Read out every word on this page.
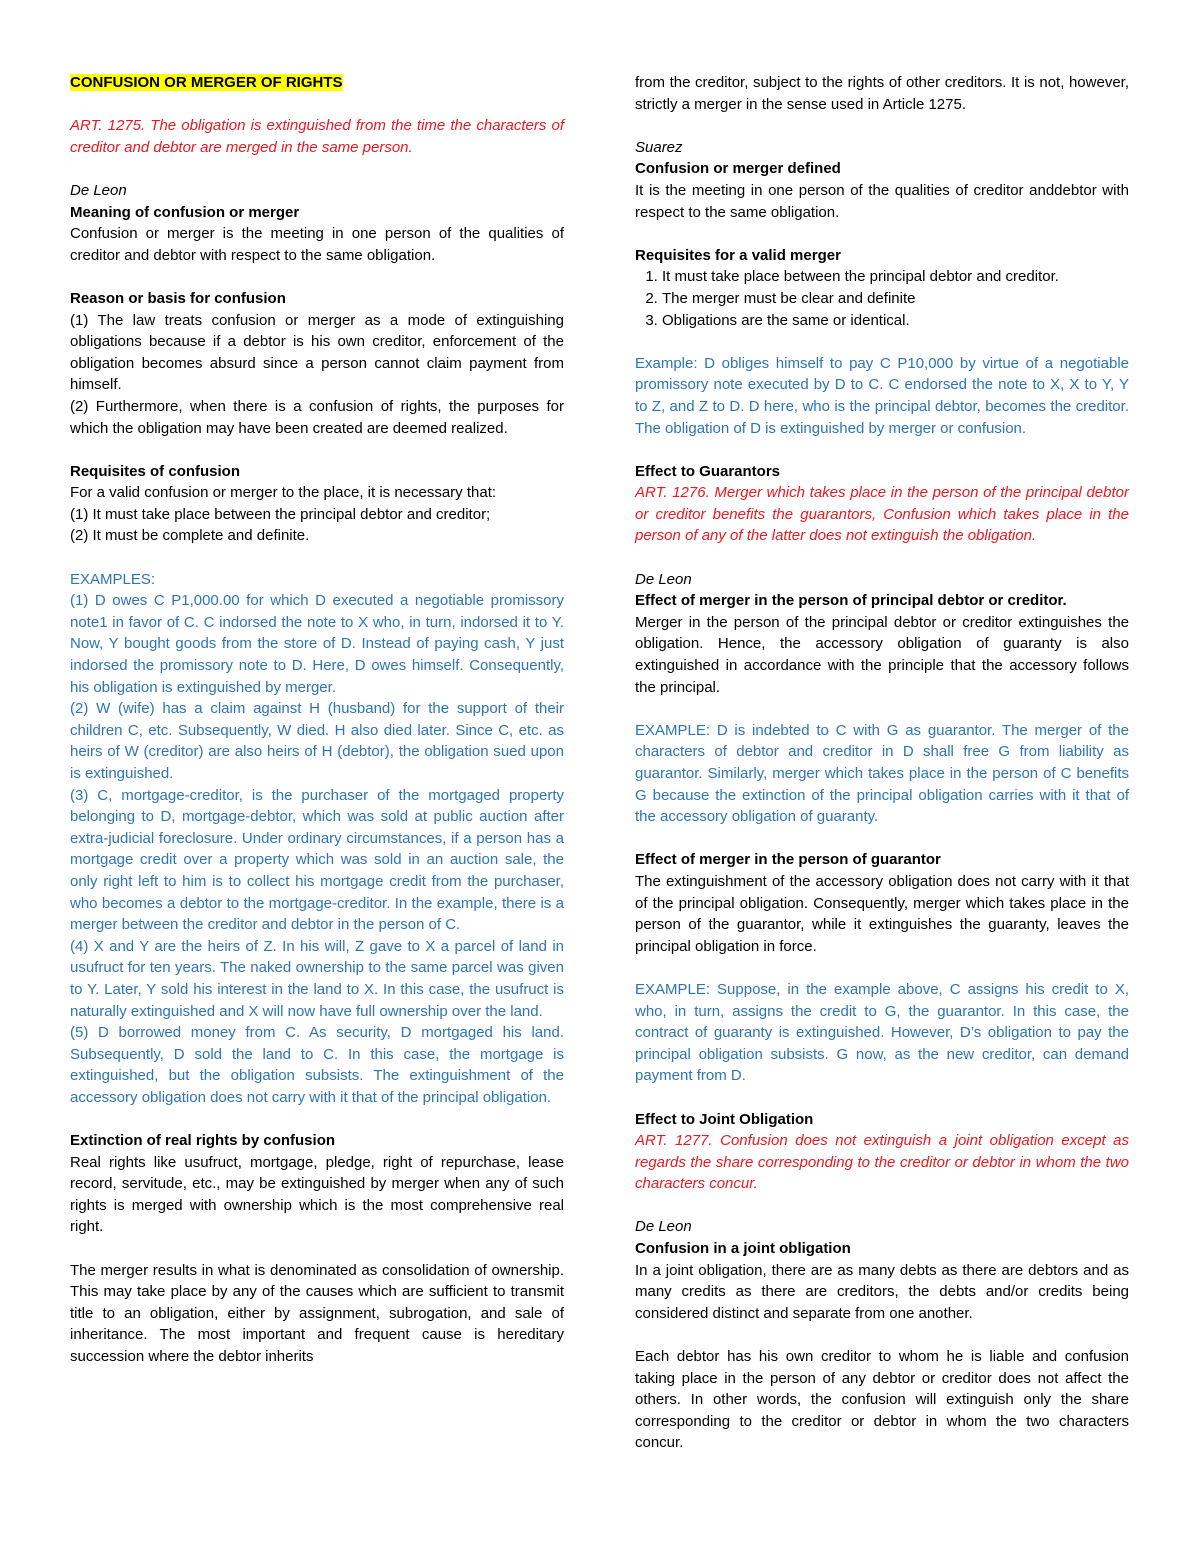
CONFUSION OR MERGER OF RIGHTS

ART. 1275. The obligation is extinguished from the time the characters of creditor and debtor are merged in the same person.

De Leon

Meaning of confusion or merger

Confusion or merger is the meeting in one person of the qualities of creditor and debtor with respect to the same obligation.

Reason or basis for confusion

(1) The law treats confusion or merger as a mode of extinguishing obligations because if a debtor is his own creditor, enforcement of the obligation becomes absurd since a person cannot claim payment from himself.

(2) Furthermore, when there is a confusion of rights, the purposes for which the obligation may have been created are deemed realized.

Requisites of confusion

For a valid confusion or merger to the place, it is necessary that:

(1) It must take place between the principal debtor and creditor;

(2) It must be complete and definite.

EXAMPLES:

(1) D owes C P1,000.00 for which D executed a negotiable promissory note1 in favor of C. C indorsed the note to X who, in turn, indorsed it to Y. Now, Y bought goods from the store of D. Instead of paying cash, Y just indorsed the promissory note to D. Here, D owes himself. Consequently, his obligation is extinguished by merger.

(2) W (wife) has a claim against H (husband) for the support of their children C, etc. Subsequently, W died. H also died later. Since C, etc. as heirs of W (creditor) are also heirs of H (debtor), the obligation sued upon is extinguished.

(3) C, mortgage-creditor, is the purchaser of the mortgaged property belonging to D, mortgage-debtor, which was sold at public auction after extra-judicial foreclosure. Under ordinary circumstances, if a person has a mortgage credit over a property which was sold in an auction sale, the only right left to him is to collect his mortgage credit from the purchaser, who becomes a debtor to the mortgage-creditor. In the example, there is a merger between the creditor and debtor in the person of C.

(4) X and Y are the heirs of Z. In his will, Z gave to X a parcel of land in usufruct for ten years. The naked ownership to the same parcel was given to Y. Later, Y sold his interest in the land to X. In this case, the usufruct is naturally extinguished and X will now have full ownership over the land.

(5) D borrowed money from C. As security, D mortgaged his land. Subsequently, D sold the land to C. In this case, the mortgage is extinguished, but the obligation subsists. The extinguishment of the accessory obligation does not carry with it that of the principal obligation.

Extinction of real rights by confusion

Real rights like usufruct, mortgage, pledge, right of repurchase, lease record, servitude, etc., may be extinguished by merger when any of such rights is merged with ownership which is the most comprehensive real right.

The merger results in what is denominated as consolidation of ownership. This may take place by any of the causes which are sufficient to transmit title to an obligation, either by assignment, subrogation, and sale of inheritance. The most important and frequent cause is hereditary succession where the debtor inherits

from the creditor, subject to the rights of other creditors. It is not, however, strictly a merger in the sense used in Article 1275.

Suarez

Confusion or merger defined

It is the meeting in one person of the qualities of creditor anddebtor with respect to the same obligation.

Requisites for a valid merger

1. It must take place between the principal debtor and creditor.
2. The merger must be clear and definite
3. Obligations are the same or identical.

Example: D obliges himself to pay C P10,000 by virtue of a negotiable promissory note executed by D to C. C endorsed the note to X, X to Y, Y to Z, and Z to D. D here, who is the principal debtor, becomes the creditor. The obligation of D is extinguished by merger or confusion.

Effect to Guarantors

ART. 1276. Merger which takes place in the person of the principal debtor or creditor benefits the guarantors, Confusion which takes place in the person of any of the latter does not extinguish the obligation.

De Leon

Effect of merger in the person of principal debtor or creditor.

Merger in the person of the principal debtor or creditor extinguishes the obligation. Hence, the accessory obligation of guaranty is also extinguished in accordance with the principle that the accessory follows the principal.

EXAMPLE: D is indebted to C with G as guarantor. The merger of the characters of debtor and creditor in D shall free G from liability as guarantor. Similarly, merger which takes place in the person of C benefits G because the extinction of the principal obligation carries with it that of the accessory obligation of guaranty.

Effect of merger in the person of guarantor

The extinguishment of the accessory obligation does not carry with it that of the principal obligation. Consequently, merger which takes place in the person of the guarantor, while it extinguishes the guaranty, leaves the principal obligation in force.

EXAMPLE: Suppose, in the example above, C assigns his credit to X, who, in turn, assigns the credit to G, the guarantor. In this case, the contract of guaranty is extinguished. However, D’s obligation to pay the principal obligation subsists. G now, as the new creditor, can demand payment from D.

Effect to Joint Obligation

ART. 1277. Confusion does not extinguish a joint obligation except as regards the share corresponding to the creditor or debtor in whom the two characters concur.

De Leon

Confusion in a joint obligation

In a joint obligation, there are as many debts as there are debtors and as many credits as there are creditors, the debts and/or credits being considered distinct and separate from one another.

Each debtor has his own creditor to whom he is liable and confusion taking place in the person of any debtor or creditor does not affect the others. In other words, the confusion will extinguish only the share corresponding to the creditor or debtor in whom the two characters concur.
